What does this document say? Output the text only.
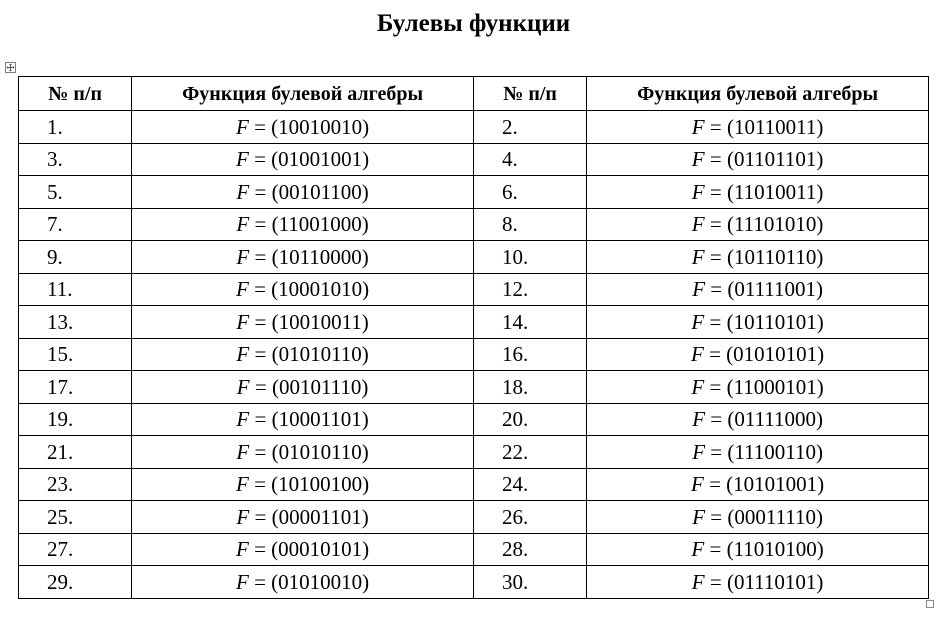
Булевы функции
№ п/п	Функция булевой алгебры	№ п/п	Функция булевой алгебры
1.	F = (10010010)	2.	F = (10110011)
3.	F = (01001001)	4.	F = (01101101)
5.	F = (00101100)	6.	F = (11010011)
7.	F = (11001000)	8.	F = (11101010)
9.	F = (10110000)	10.	F = (10110110)
11.	F = (10001010)	12.	F = (01111001)
13.	F = (10010011)	14.	F = (10110101)
15.	F = (01010110)	16.	F = (01010101)
17.	F = (00101110)	18.	F = (11000101)
19.	F = (10001101)	20.	F = (01111000)
21.	F = (01010110)	22.	F = (11100110)
23.	F = (10100100)	24.	F = (10101001)
25.	F = (00001101)	26.	F = (00011110)
27.	F = (00010101)	28.	F = (11010100)
29.	F = (01010010)	30.	F = (01110101)
